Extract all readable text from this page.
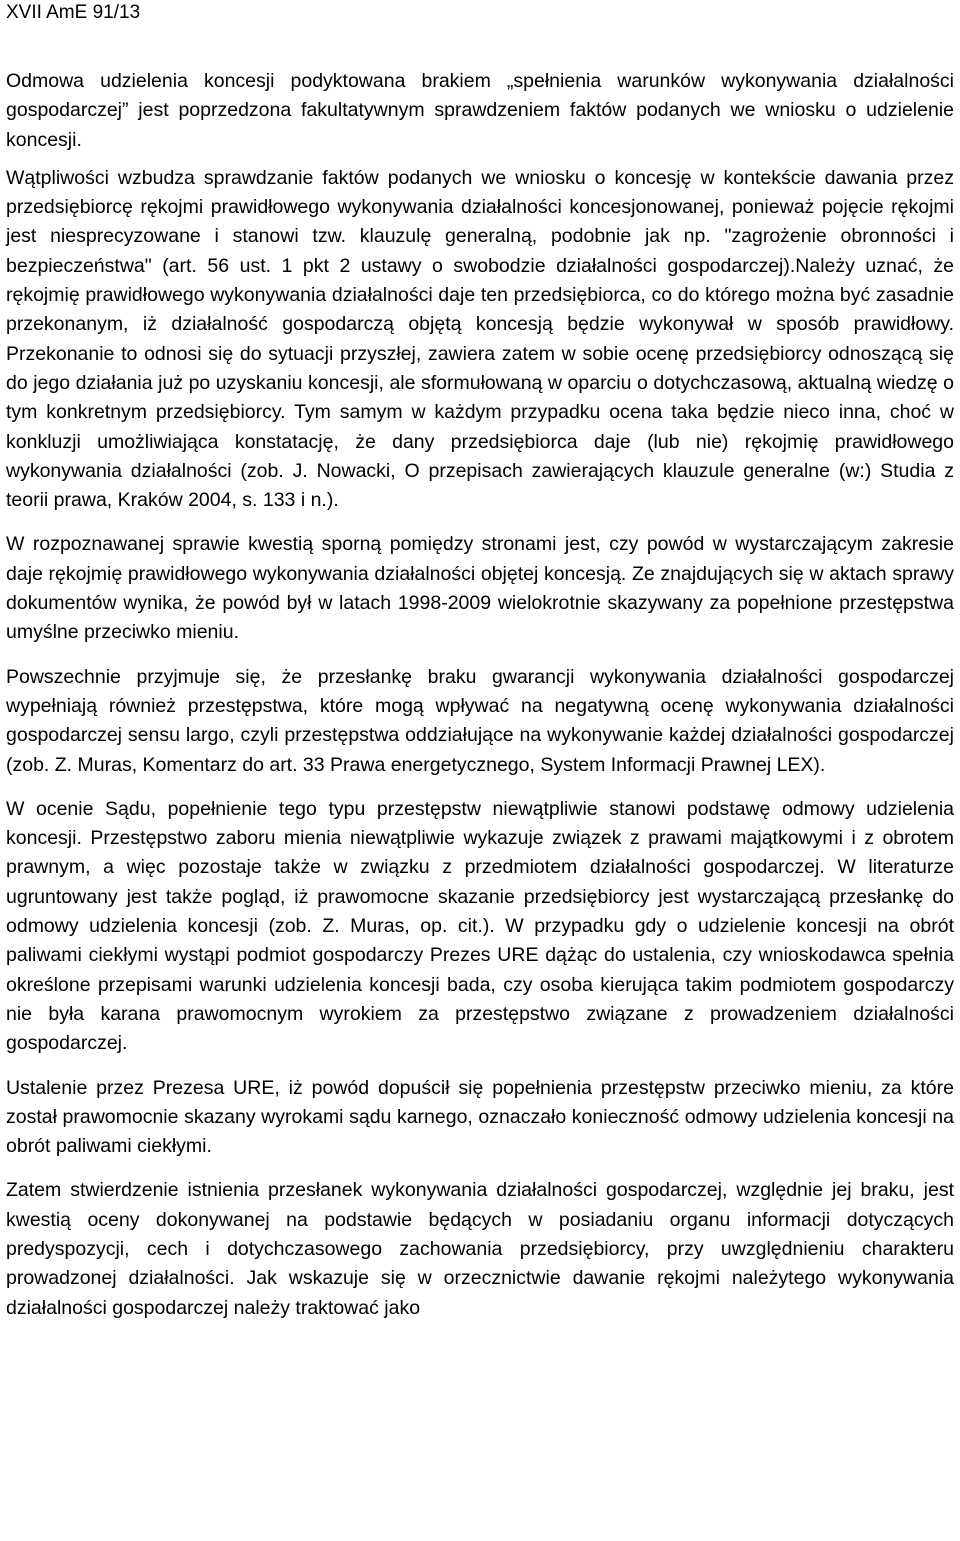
XVII AmE 91/13

Odmowa udzielenia koncesji podyktowana brakiem „spełnienia warunków wykonywania działalności gospodarczej” jest poprzedzona fakultatywnym sprawdzeniem faktów podanych we wniosku o udzielenie koncesji.

Wątpliwości wzbudza sprawdzanie faktów podanych we wniosku o koncesję w kontekście dawania przez przedsiębiorcę rękojmi prawidłowego wykonywania działalności koncesjonowanej, ponieważ pojęcie rękojmi jest niesprecyzowane i stanowi tzw. klauzulę generalną, podobnie jak np. "zagrożenie obronności i bezpieczeństwa" (art. 56 ust. 1 pkt 2 ustawy o swobodzie działalności gospodarczej).Należy uznać, że rękojmię prawidłowego wykonywania działalności daje ten przedsiębiorca, co do którego można być zasadnie przekonanym, iż działalność gospodarczą objętą koncesją będzie wykonywał w sposób prawidłowy. Przekonanie to odnosi się do sytuacji przyszłej, zawiera zatem w sobie ocenę przedsiębiorcy odnoszącą się do jego działania już po uzyskaniu koncesji, ale sformułowaną w oparciu o dotychczasową, aktualną wiedzę o tym konkretnym przedsiębiorcy. Tym samym w każdym przypadku ocena taka będzie nieco inna, choć w konkluzji umożliwiająca konstatację, że dany przedsiębiorca daje (lub nie) rękojmię prawidłowego wykonywania działalności (zob. J. Nowacki, O przepisach zawierających klauzule generalne (w:) Studia z teorii prawa, Kraków 2004, s. 133 i n.).

W rozpoznawanej sprawie kwestią sporną pomiędzy stronami jest, czy powód w wystarczającym zakresie daje rękojmię prawidłowego wykonywania działalności objętej koncesją. Ze znajdujących się w aktach sprawy dokumentów wynika, że powód był w latach 1998-2009 wielokrotnie skazywany za popełnione przestępstwa umyślne przeciwko mieniu.

Powszechnie przyjmuje się, że przesłankę braku gwarancji wykonywania działalności gospodarczej wypełniają również przestępstwa, które mogą wpływać na negatywną ocenę wykonywania działalności gospodarczej sensu largo, czyli przestępstwa oddziałujące na wykonywanie każdej działalności gospodarczej (zob. Z. Muras, Komentarz do art. 33 Prawa energetycznego, System Informacji Prawnej LEX).

W ocenie Sądu, popełnienie tego typu przestępstw niewątpliwie stanowi podstawę odmowy udzielenia koncesji. Przestępstwo zaboru mienia niewątpliwie wykazuje związek z prawami majątkowymi i z obrotem prawnym, a więc pozostaje także w związku z przedmiotem działalności gospodarczej. W literaturze ugruntowany jest także pogląd, iż prawomocne skazanie przedsiębiorcy jest wystarczającą przesłankę do odmowy udzielenia koncesji (zob. Z. Muras, op. cit.). W przypadku gdy o udzielenie koncesji na obrót paliwami ciekłymi wystąpi podmiot gospodarczy Prezes URE dążąc do ustalenia, czy wnioskodawca spełnia określone przepisami warunki udzielenia koncesji bada, czy osoba kierująca takim podmiotem gospodarczy nie była karana prawomocnym wyrokiem za przestępstwo związane z prowadzeniem działalności gospodarczej.

Ustalenie przez Prezesa URE, iż powód dopuścił się popełnienia przestępstw przeciwko mieniu, za które został prawomocnie skazany wyrokami sądu karnego, oznaczało konieczność odmowy udzielenia koncesji na obrót paliwami ciekłymi.

Zatem stwierdzenie istnienia przesłanek wykonywania działalności gospodarczej, względnie jej braku, jest kwestią oceny dokonywanej na podstawie będących w posiadaniu organu informacji dotyczących predyspozycji, cech i dotychczasowego zachowania przedsiębiorcy, przy uwzględnieniu charakteru prowadzonej działalności. Jak wskazuje się w orzecznictwie dawanie rękojmi należytego wykonywania działalności gospodarczej należy traktować jako
